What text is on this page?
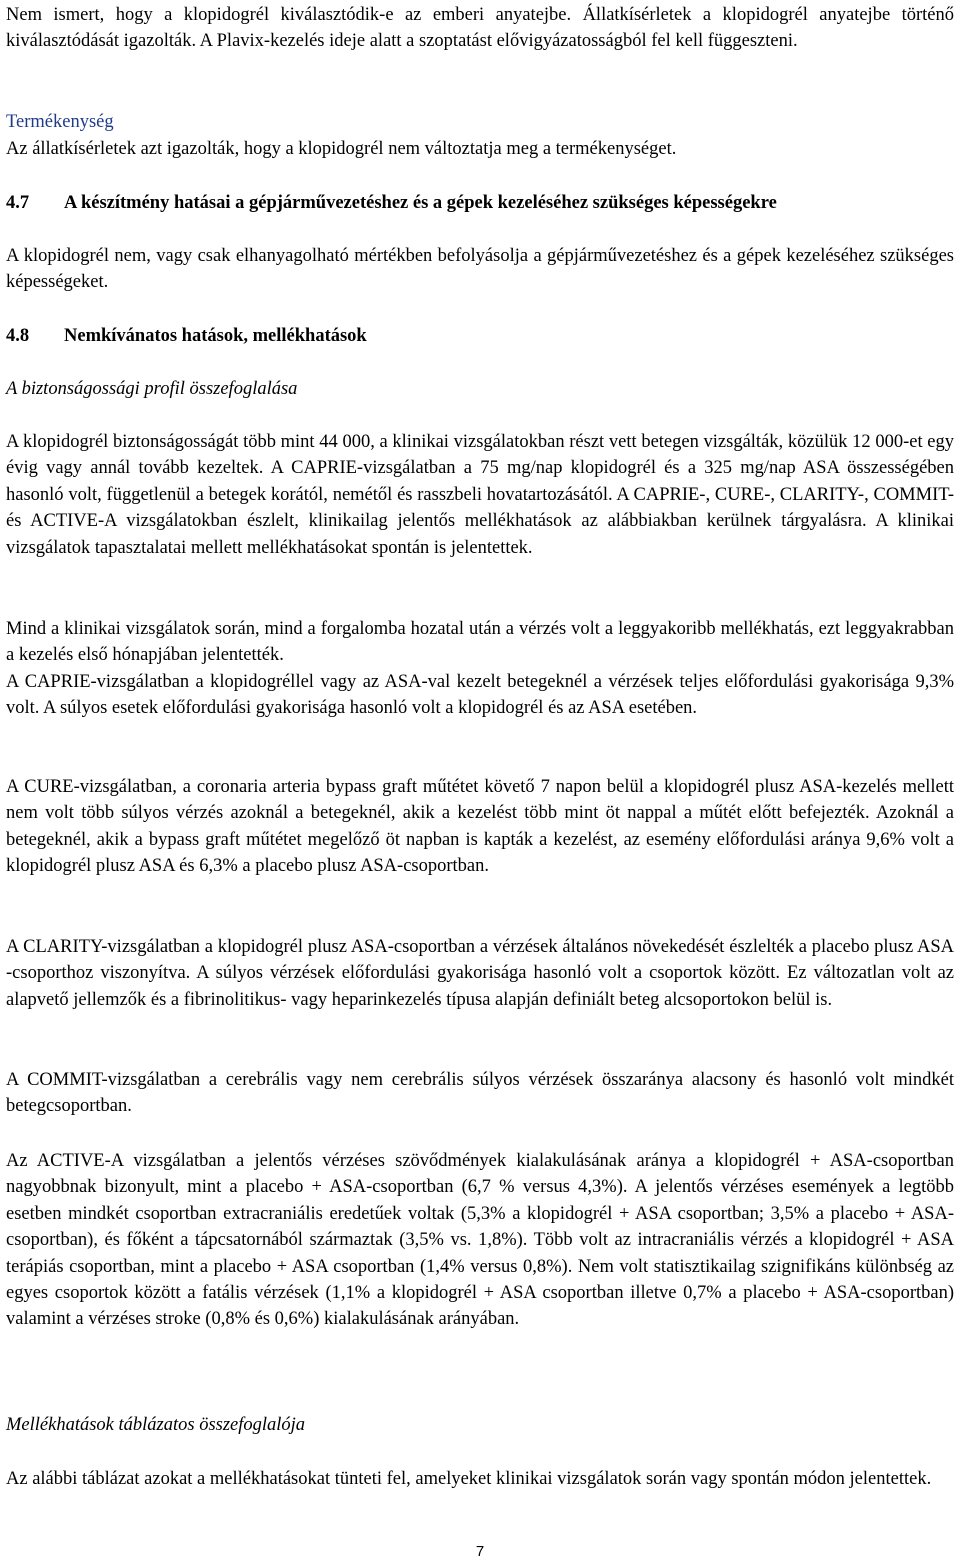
Nem ismert, hogy a klopidogrél kiválasztódik-e az emberi anyatejbe. Állatkísérletek a klopidogrél anyatejbe történő kiválasztódását igazolták. A Plavix-kezelés ideje alatt a szoptatást elővigyázatosságból fel kell függeszteni.

Termékenység

Az állatkísérletek azt igazolták, hogy a klopidogrél nem változtatja meg a termékenységet.

4.7 A készítmény hatásai a gépjárművezetéshez és a gépek kezeléséhez szükséges képességekre

A klopidogrél nem, vagy csak elhanyagolható mértékben befolyásolja a gépjárművezetéshez és a gépek kezeléséhez szükséges képességeket.

4.8 Nemkívánatos hatások, mellékhatások

A biztonságossági profil összefoglalása

A klopidogrél biztonságosságát több mint 44 000, a klinikai vizsgálatokban részt vett betegen vizsgálták, közülük 12 000-et egy évig vagy annál tovább kezeltek. A CAPRIE-vizsgálatban a 75 mg/nap klopidogrél és a 325 mg/nap ASA összességében hasonló volt, függetlenül a betegek korától, nemétől és rasszbeli hovatartozásától. A CAPRIE-, CURE-, CLARITY-, COMMIT- és ACTIVE-A vizsgálatokban észlelt, klinikailag jelentős mellékhatások az alábbiakban kerülnek tárgyalásra. A klinikai vizsgálatok tapasztalatai mellett mellékhatásokat spontán is jelentettek.

Mind a klinikai vizsgálatok során, mind a forgalomba hozatal után a vérzés volt a leggyakoribb mellékhatás, ezt leggyakrabban a kezelés első hónapjában jelentették.

A CAPRIE-vizsgálatban a klopidogréllel vagy az ASA-val kezelt betegeknél a vérzések teljes előfordulási gyakorisága 9,3% volt. A súlyos esetek előfordulási gyakorisága hasonló volt a klopidogrél és az ASA esetében.

A CURE-vizsgálatban, a coronaria arteria bypass graft műtétet követő 7 napon belül a klopidogrél plusz ASA-kezelés mellett nem volt több súlyos vérzés azoknál a betegeknél, akik a kezelést több mint öt nappal a műtét előtt befejezték. Azoknál a betegeknél, akik a bypass graft műtétet megelőző öt napban is kapták a kezelést, az esemény előfordulási aránya 9,6% volt a klopidogrél plusz ASA és 6,3% a placebo plusz ASA-csoportban.

A CLARITY-vizsgálatban a klopidogrél plusz ASA-csoportban a vérzések általános növekedését észlelték a placebo plusz ASA -csoporthoz viszonyítva. A súlyos vérzések előfordulási gyakorisága hasonló volt a csoportok között. Ez változatlan volt az alapvető jellemzők és a fibrinolitikus- vagy heparinkezelés típusa alapján definiált beteg alcsoportokon belül is.

A COMMIT-vizsgálatban a cerebrális vagy nem cerebrális súlyos vérzések összaránya alacsony és hasonló volt mindkét betegcsoportban.

Az ACTIVE-A vizsgálatban a jelentős vérzéses szövődmények kialakulásának aránya a klopidogrél + ASA-csoportban nagyobbnak bizonyult, mint a placebo + ASA-csoportban (6,7 % versus 4,3%). A jelentős vérzéses események a legtöbb esetben mindkét csoportban extracraniális eredetűek voltak (5,3% a klopidogrél + ASA csoportban; 3,5% a placebo + ASA-csoportban), és főként a tápcsatornából származtak (3,5% vs. 1,8%). Több volt az intracraniális vérzés a klopidogrél + ASA terápiás csoportban, mint a placebo + ASA csoportban (1,4% versus 0,8%). Nem volt statisztikailag szignifikáns különbség az egyes csoportok között a fatális vérzések (1,1% a klopidogrél + ASA csoportban illetve 0,7% a placebo + ASA-csoportban) valamint a vérzéses stroke (0,8% és 0,6%) kialakulásának arányában.

Mellékhatások táblázatos összefoglalója

Az alábbi táblázat azokat a mellékhatásokat tünteti fel, amelyeket klinikai vizsgálatok során vagy spontán módon jelentettek.

7
